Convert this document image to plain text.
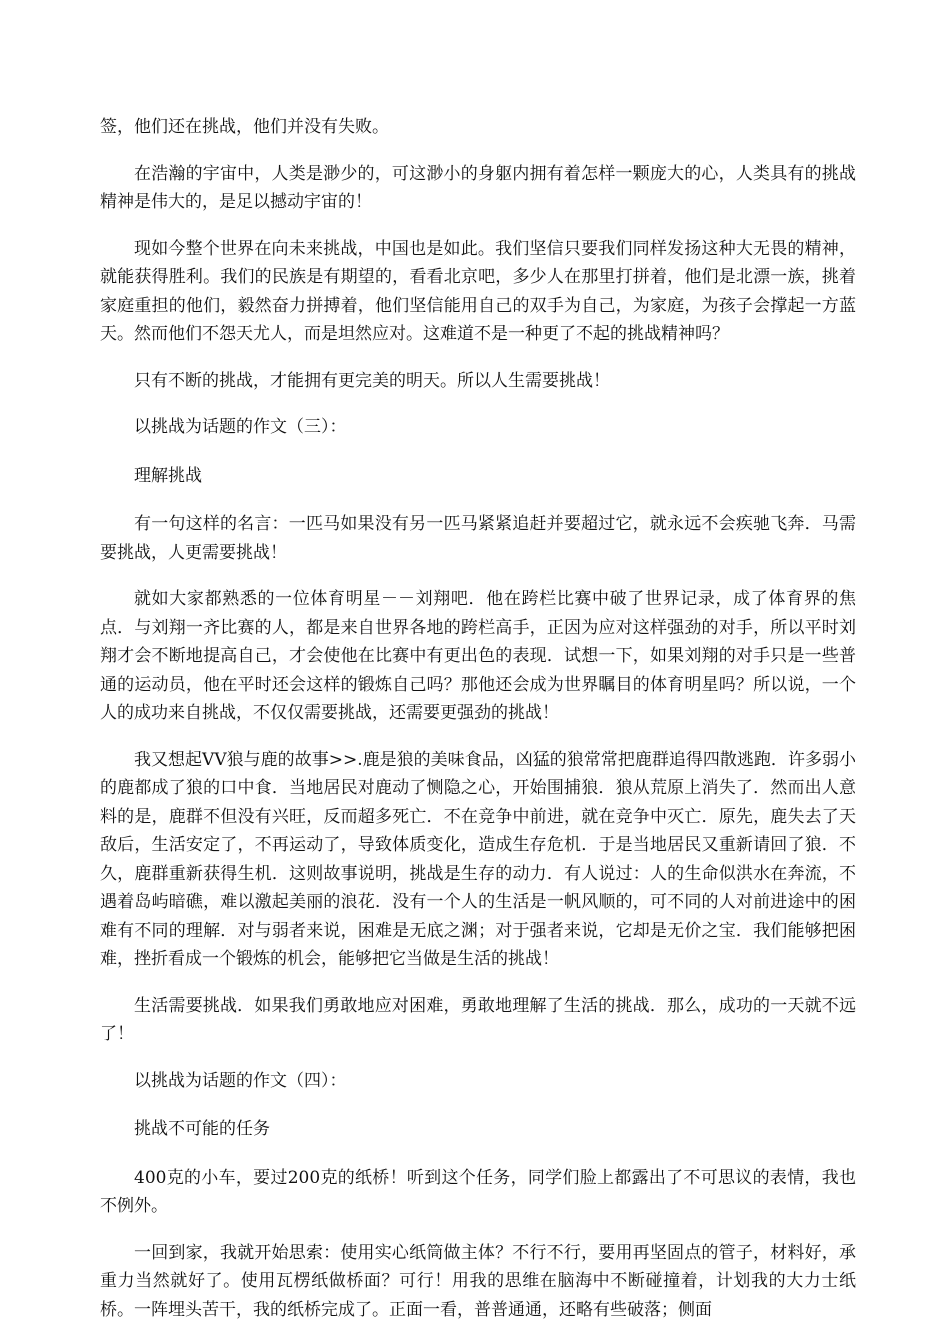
签，他们还在挑战，他们并没有失败。

在浩瀚的宇宙中，人类是渺少的，可这渺小的身躯内拥有着怎样一颗庞大的心，人类具有的挑战精神是伟大的，是足以撼动宇宙的！

现如今整个世界在向未来挑战，中国也是如此。我们坚信只要我们同样发扬这种大无畏的精神，就能获得胜利。我们的民族是有期望的，看看北京吧，多少人在那里打拼着，他们是北漂一族，挑着家庭重担的他们，毅然奋力拼搏着，他们坚信能用自己的双手为自己，为家庭，为孩子会撑起一方蓝天。然而他们不怨天尤人，而是坦然应对。这难道不是一种更了不起的挑战精神吗？

只有不断的挑战，才能拥有更完美的明天。所以人生需要挑战！

以挑战为话题的作文（三）：

理解挑战

有一句这样的名言：一匹马如果没有另一匹马紧紧追赶并要超过它，就永远不会疾驰飞奔．马需要挑战，人更需要挑战！

就如大家都熟悉的一位体育明星－－刘翔吧．他在跨栏比赛中破了世界记录，成了体育界的焦点．与刘翔一齐比赛的人，都是来自世界各地的跨栏高手，正因为应对这样强劲的对手，所以平时刘翔才会不断地提高自己，才会使他在比赛中有更出色的表现．试想一下，如果刘翔的对手只是一些普通的运动员，他在平时还会这样的锻炼自己吗？那他还会成为世界瞩目的体育明星吗？所以说，一个人的成功来自挑战，不仅仅需要挑战，还需要更强劲的挑战！

我又想起VV狼与鹿的故事>>.鹿是狼的美味食品，凶猛的狼常常把鹿群追得四散逃跑．许多弱小的鹿都成了狼的口中食．当地居民对鹿动了恻隐之心，开始围捕狼．狼从荒原上消失了．然而出人意料的是，鹿群不但没有兴旺，反而超多死亡．不在竞争中前进，就在竞争中灭亡．原先，鹿失去了天敌后，生活安定了，不再运动了，导致体质变化，造成生存危机．于是当地居民又重新请回了狼．不久，鹿群重新获得生机．这则故事说明，挑战是生存的动力．有人说过：人的生命似洪水在奔流，不遇着岛屿暗礁，难以激起美丽的浪花．没有一个人的生活是一帆风顺的，可不同的人对前进途中的困难有不同的理解．对与弱者来说，困难是无底之渊；对于强者来说，它却是无价之宝．我们能够把困难，挫折看成一个锻炼的机会，能够把它当做是生活的挑战！

生活需要挑战．如果我们勇敢地应对困难，勇敢地理解了生活的挑战．那么，成功的一天就不远了！

以挑战为话题的作文（四）：

挑战不可能的任务

400克的小车，要过200克的纸桥！听到这个任务，同学们脸上都露出了不可思议的表情，我也不例外。

一回到家，我就开始思索：使用实心纸筒做主体？不行不行，要用再坚固点的管子，材料好，承重力当然就好了。使用瓦楞纸做桥面？可行！用我的思维在脑海中不断碰撞着，计划我的大力士纸桥。一阵埋头苦干，我的纸桥完成了。正面一看，普普通通，还略有些破落；侧面
